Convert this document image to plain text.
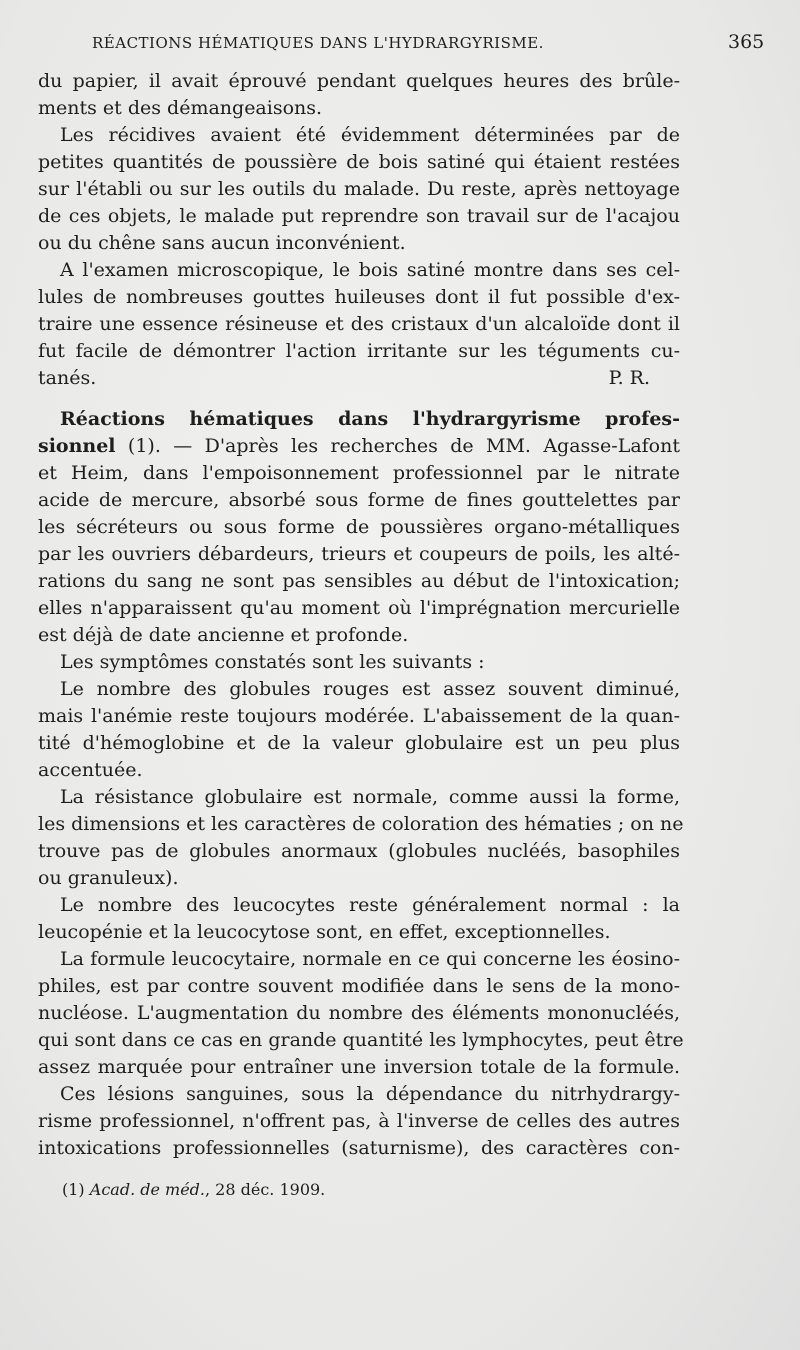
RÉACTIONS HÉMATIQUES DANS L'HYDRARGYRISME.	365
du papier, il avait éprouvé pendant quelques heures des brûle-
ments et des démangeaisons.
Les récidives avaient été évidemment déterminées par de
petites quantités de poussière de bois satiné qui étaient restées
sur l'établi ou sur les outils du malade. Du reste, après nettoyage
de ces objets, le malade put reprendre son travail sur de l'acajou
ou du chêne sans aucun inconvénient.
A l'examen microscopique, le bois satiné montre dans ses cel-
lules de nombreuses gouttes huileuses dont il fut possible d'ex-
traire une essence résineuse et des cristaux d'un alcaloïde dont il
fut facile de démontrer l'action irritante sur les téguments cu-
tanés.	P. R.
Réactions hématiques dans l'hydrargyrisme profes-
sionnel (1). — D'après les recherches de MM. Agasse-Lafont
et Heim, dans l'empoisonnement professionnel par le nitrate
acide de mercure, absorbé sous forme de fines gouttelettes par
les sécréteurs ou sous forme de poussières organo-métalliques
par les ouvriers débardeurs, trieurs et coupeurs de poils, les alté-
rations du sang ne sont pas sensibles au début de l'intoxication;
elles n'apparaissent qu'au moment où l'imprégnation mercurielle
est déjà de date ancienne et profonde.
Les symptômes constatés sont les suivants :
Le nombre des globules rouges est assez souvent diminué,
mais l'anémie reste toujours modérée. L'abaissement de la quan-
tité d'hémoglobine et de la valeur globulaire est un peu plus
accentuée.
La résistance globulaire est normale, comme aussi la forme,
les dimensions et les caractères de coloration des hématies ; on ne
trouve pas de globules anormaux (globules nucléés, basophiles
ou granuleux).
Le nombre des leucocytes reste généralement normal : la
leucopénie et la leucocytose sont, en effet, exceptionnelles.
La formule leucocytaire, normale en ce qui concerne les éosino-
philes, est par contre souvent modifiée dans le sens de la mono-
nucléose. L'augmentation du nombre des éléments mononucléés,
qui sont dans ce cas en grande quantité les lymphocytes, peut être
assez marquée pour entraîner une inversion totale de la formule.
Ces lésions sanguines, sous la dépendance du nitrhydrargy-
risme professionnel, n'offrent pas, à l'inverse de celles des autres
intoxications professionnelles (saturnisme), des caractères con-
(1) Acad. de méd., 28 déc. 1909.
